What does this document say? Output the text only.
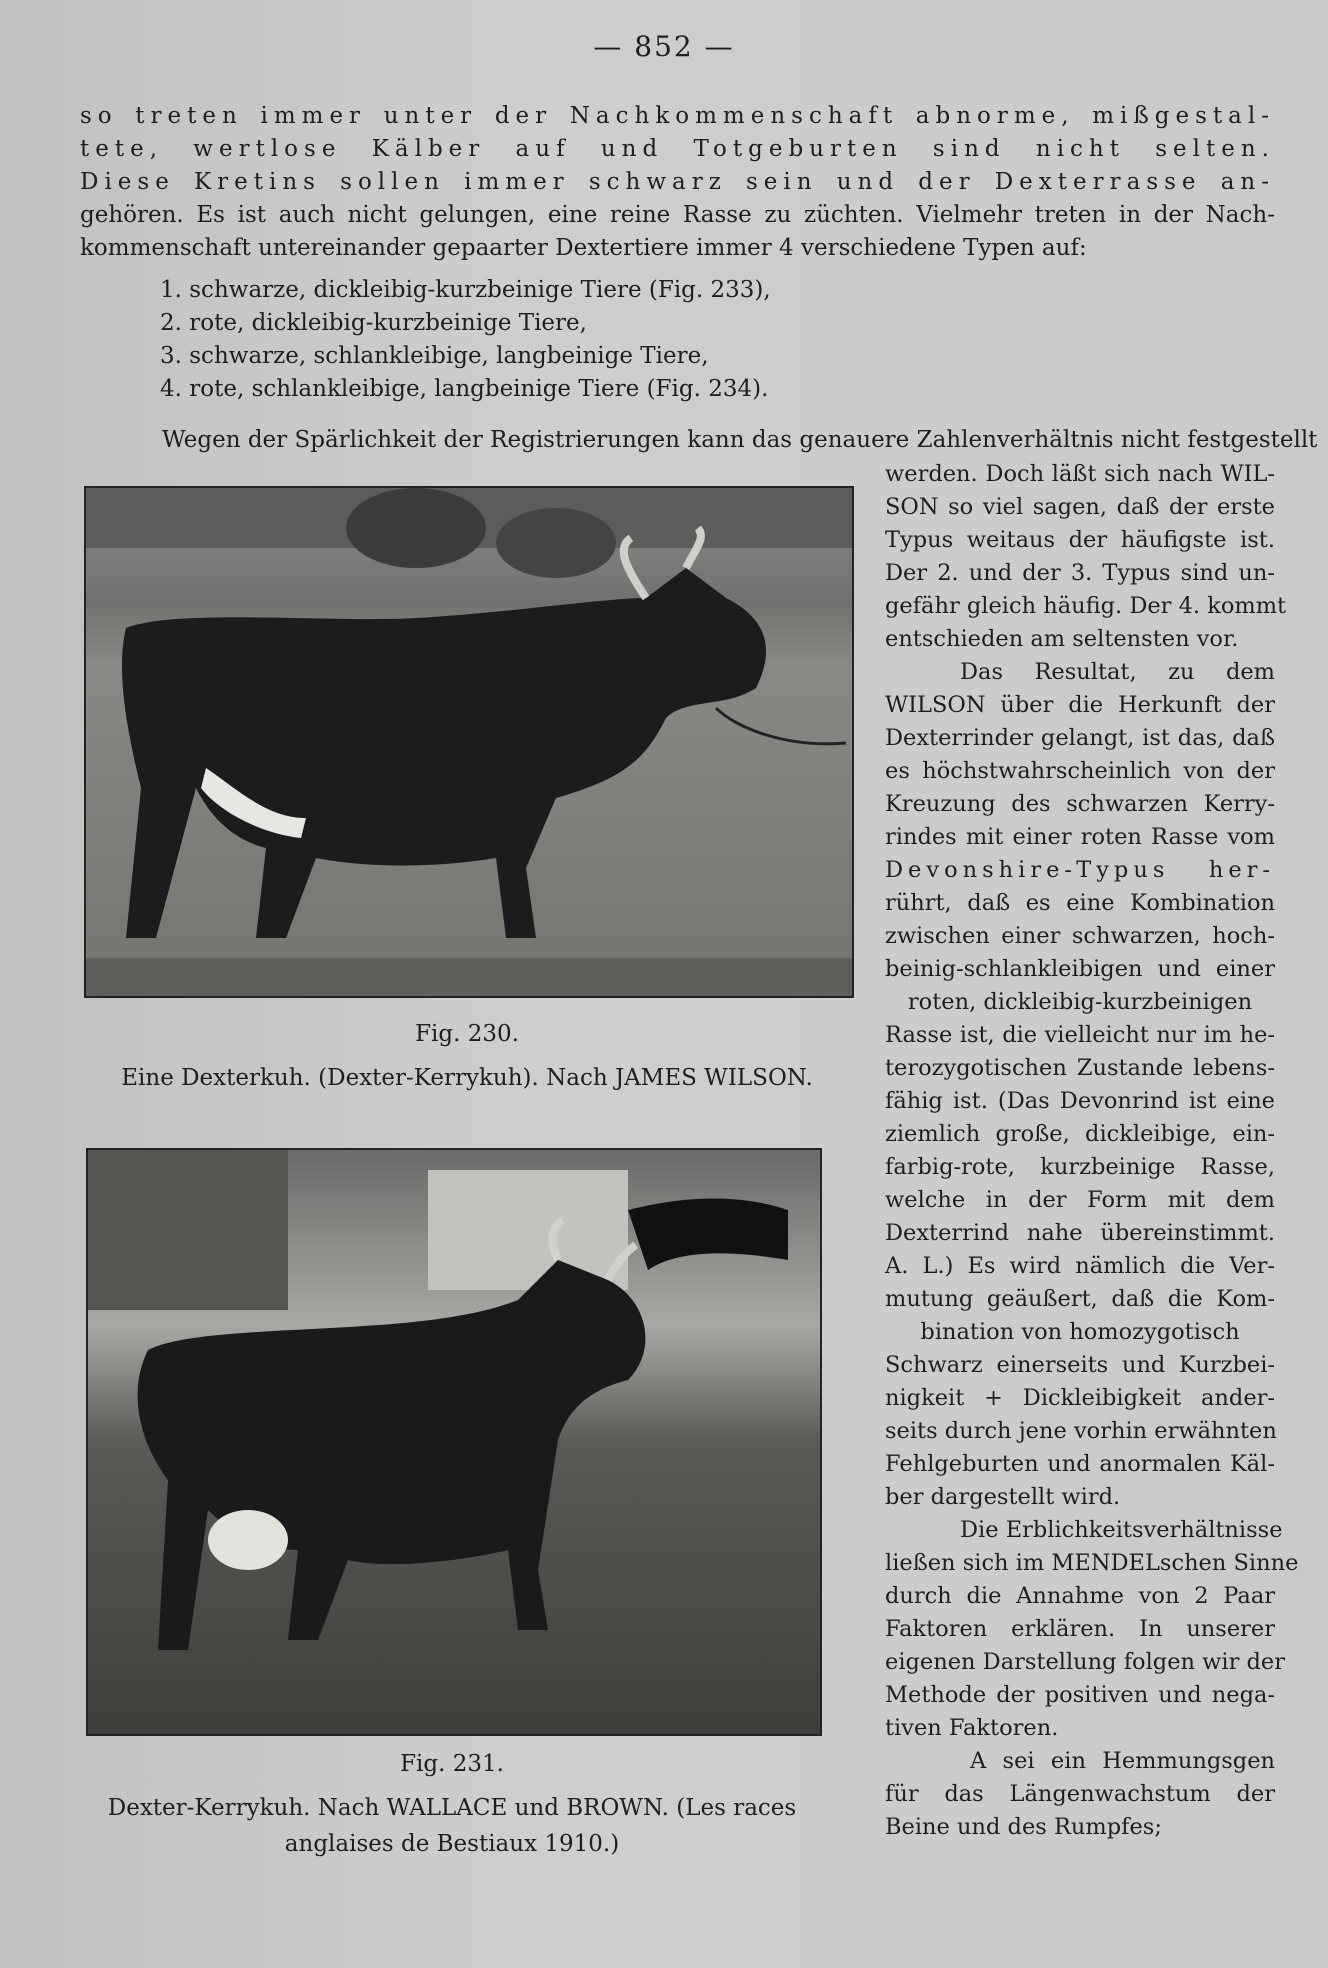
— 852 —
so treten immer unter der Nachkommenschaft abnorme, mißgestal-
tete, wertlose Kälber auf und Totgeburten sind nicht selten.
Diese Kretins sollen immer schwarz sein und der Dexterrasse an-
gehören. Es ist auch nicht gelungen, eine reine Rasse zu züchten. Vielmehr treten in der Nach-
kommenschaft untereinander gepaarter Dextertiere immer 4 verschiedene Typen auf:
1. schwarze, dickleibig-kurzbeinige Tiere (Fig. 233),
2. rote, dickleibig-kurzbeinige Tiere,
3. schwarze, schlankleibige, langbeinige Tiere,
4. rote, schlankleibige, langbeinige Tiere (Fig. 234).
Wegen der Spärlichkeit der Registrierungen kann das genauere Zahlenverhältnis nicht festgestellt
Fig. 230.
Eine Dexterkuh. (Dexter-Kerrykuh). Nach JAMES WILSON.
Fig. 231.
Dexter-Kerrykuh. Nach WALLACE und BROWN. (Les races
anglaises de Bestiaux 1910.)
werden. Doch läßt sich nach WIL-
SON so viel sagen, daß der erste
Typus weitaus der häufigste ist.
Der 2. und der 3. Typus sind un-
gefähr gleich häufig. Der 4. kommt
entschieden am seltensten vor.
Das Resultat, zu dem
WILSON über die Herkunft der
Dexterrinder gelangt, ist das, daß
es höchstwahrscheinlich von der
Kreuzung des schwarzen Kerry-
rindes mit einer roten Rasse vom
Devonshire-Typus her-
rührt, daß es eine Kombination
zwischen einer schwarzen, hoch-
beinig-schlankleibigen und einer
roten, dickleibig-kurzbeinigen
Rasse ist, die vielleicht nur im he-
terozygotischen Zustande lebens-
fähig ist. (Das Devonrind ist eine
ziemlich große, dickleibige, ein-
farbig-rote, kurzbeinige Rasse,
welche in der Form mit dem
Dexterrind nahe übereinstimmt.
A. L.) Es wird nämlich die Ver-
mutung geäußert, daß die Kom-
bination von homozygotisch
Schwarz einerseits und Kurzbei-
nigkeit + Dickleibigkeit ander-
seits durch jene vorhin erwähnten
Fehlgeburten und anormalen Käl-
ber dargestellt wird.
Die Erblichkeitsverhältnisse
ließen sich im MENDELschen Sinne
durch die Annahme von 2 Paar
Faktoren erklären. In unserer
eigenen Darstellung folgen wir der
Methode der positiven und nega-
tiven Faktoren.
A sei ein Hemmungsgen
für das Längenwachstum der
Beine und des Rumpfes;
